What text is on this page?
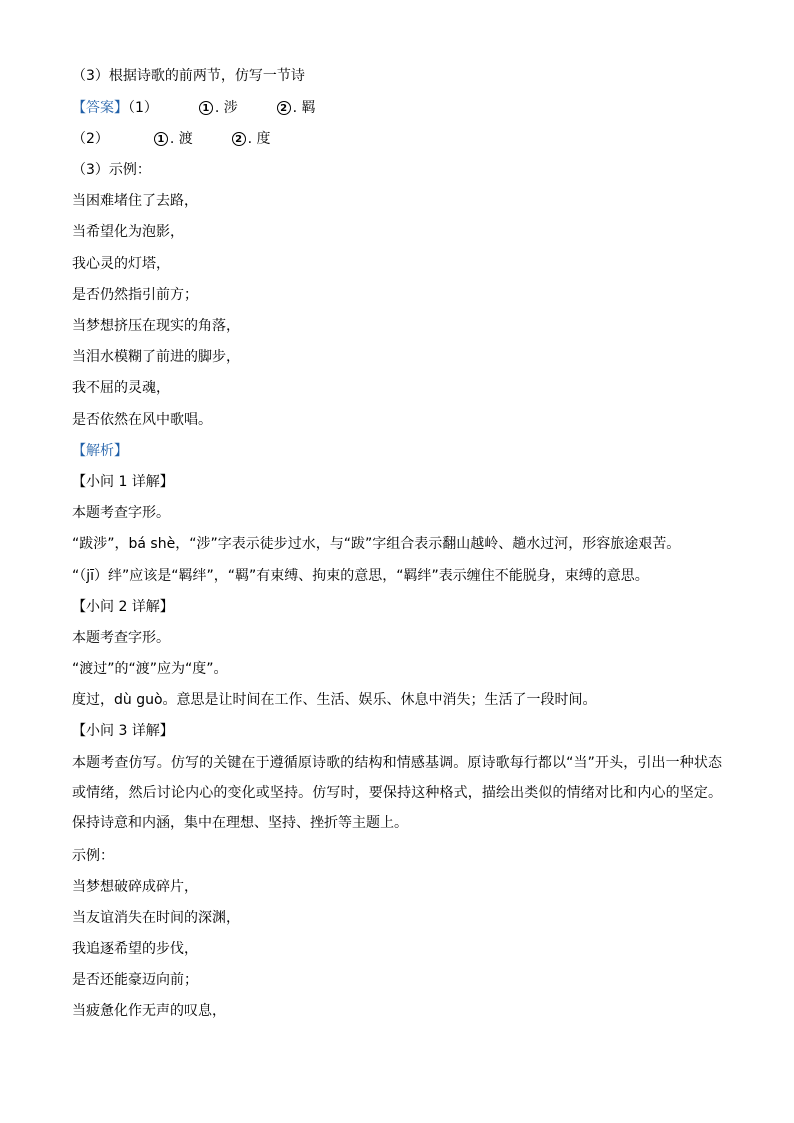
（3）根据诗歌的前两节，仿写一节诗
【答案】（1）	1 . 涉	2 . 羁
（2）	1 . 渡	2 . 度
（3）示例：
当困难堵住了去路，
当希望化为泡影，
我心灵的灯塔，
是否仍然指引前方；
当梦想挤压在现实的角落，
当泪水模糊了前进的脚步，
我不屈的灵魂，
是否依然在风中歌唱。
【解析】
【小问 1 详解】
本题考查字形。
“跋涉”，bá shè，“涉”字表示徒步过水，与“跋”字组合表示翻山越岭、趟水过河，形容旅途艰苦。
“（jī）绊”应该是“羁绊”，“羁”有束缚、拘束的意思，“羁绊”表示缠住不能脱身，束缚的意思。
【小问 2 详解】
本题考查字形。
“渡过”的“渡”应为“度”。
度过，dù guò。意思是让时间在工作、生活、娱乐、休息中消失；生活了一段时间。
【小问 3 详解】
本题考查仿写。仿写的关键在于遵循原诗歌的结构和情感基调。原诗歌每行都以“当”开头，引出一种状态或情绪，然后讨论内心的变化或坚持。仿写时，要保持这种格式，描绘出类似的情绪对比和内心的坚定。保持诗意和内涵，集中在理想、坚持、挫折等主题上。
示例：
当梦想破碎成碎片，
当友谊消失在时间的深渊，
我追逐希望的步伐，
是否还能豪迈向前；
当疲惫化作无声的叹息，
